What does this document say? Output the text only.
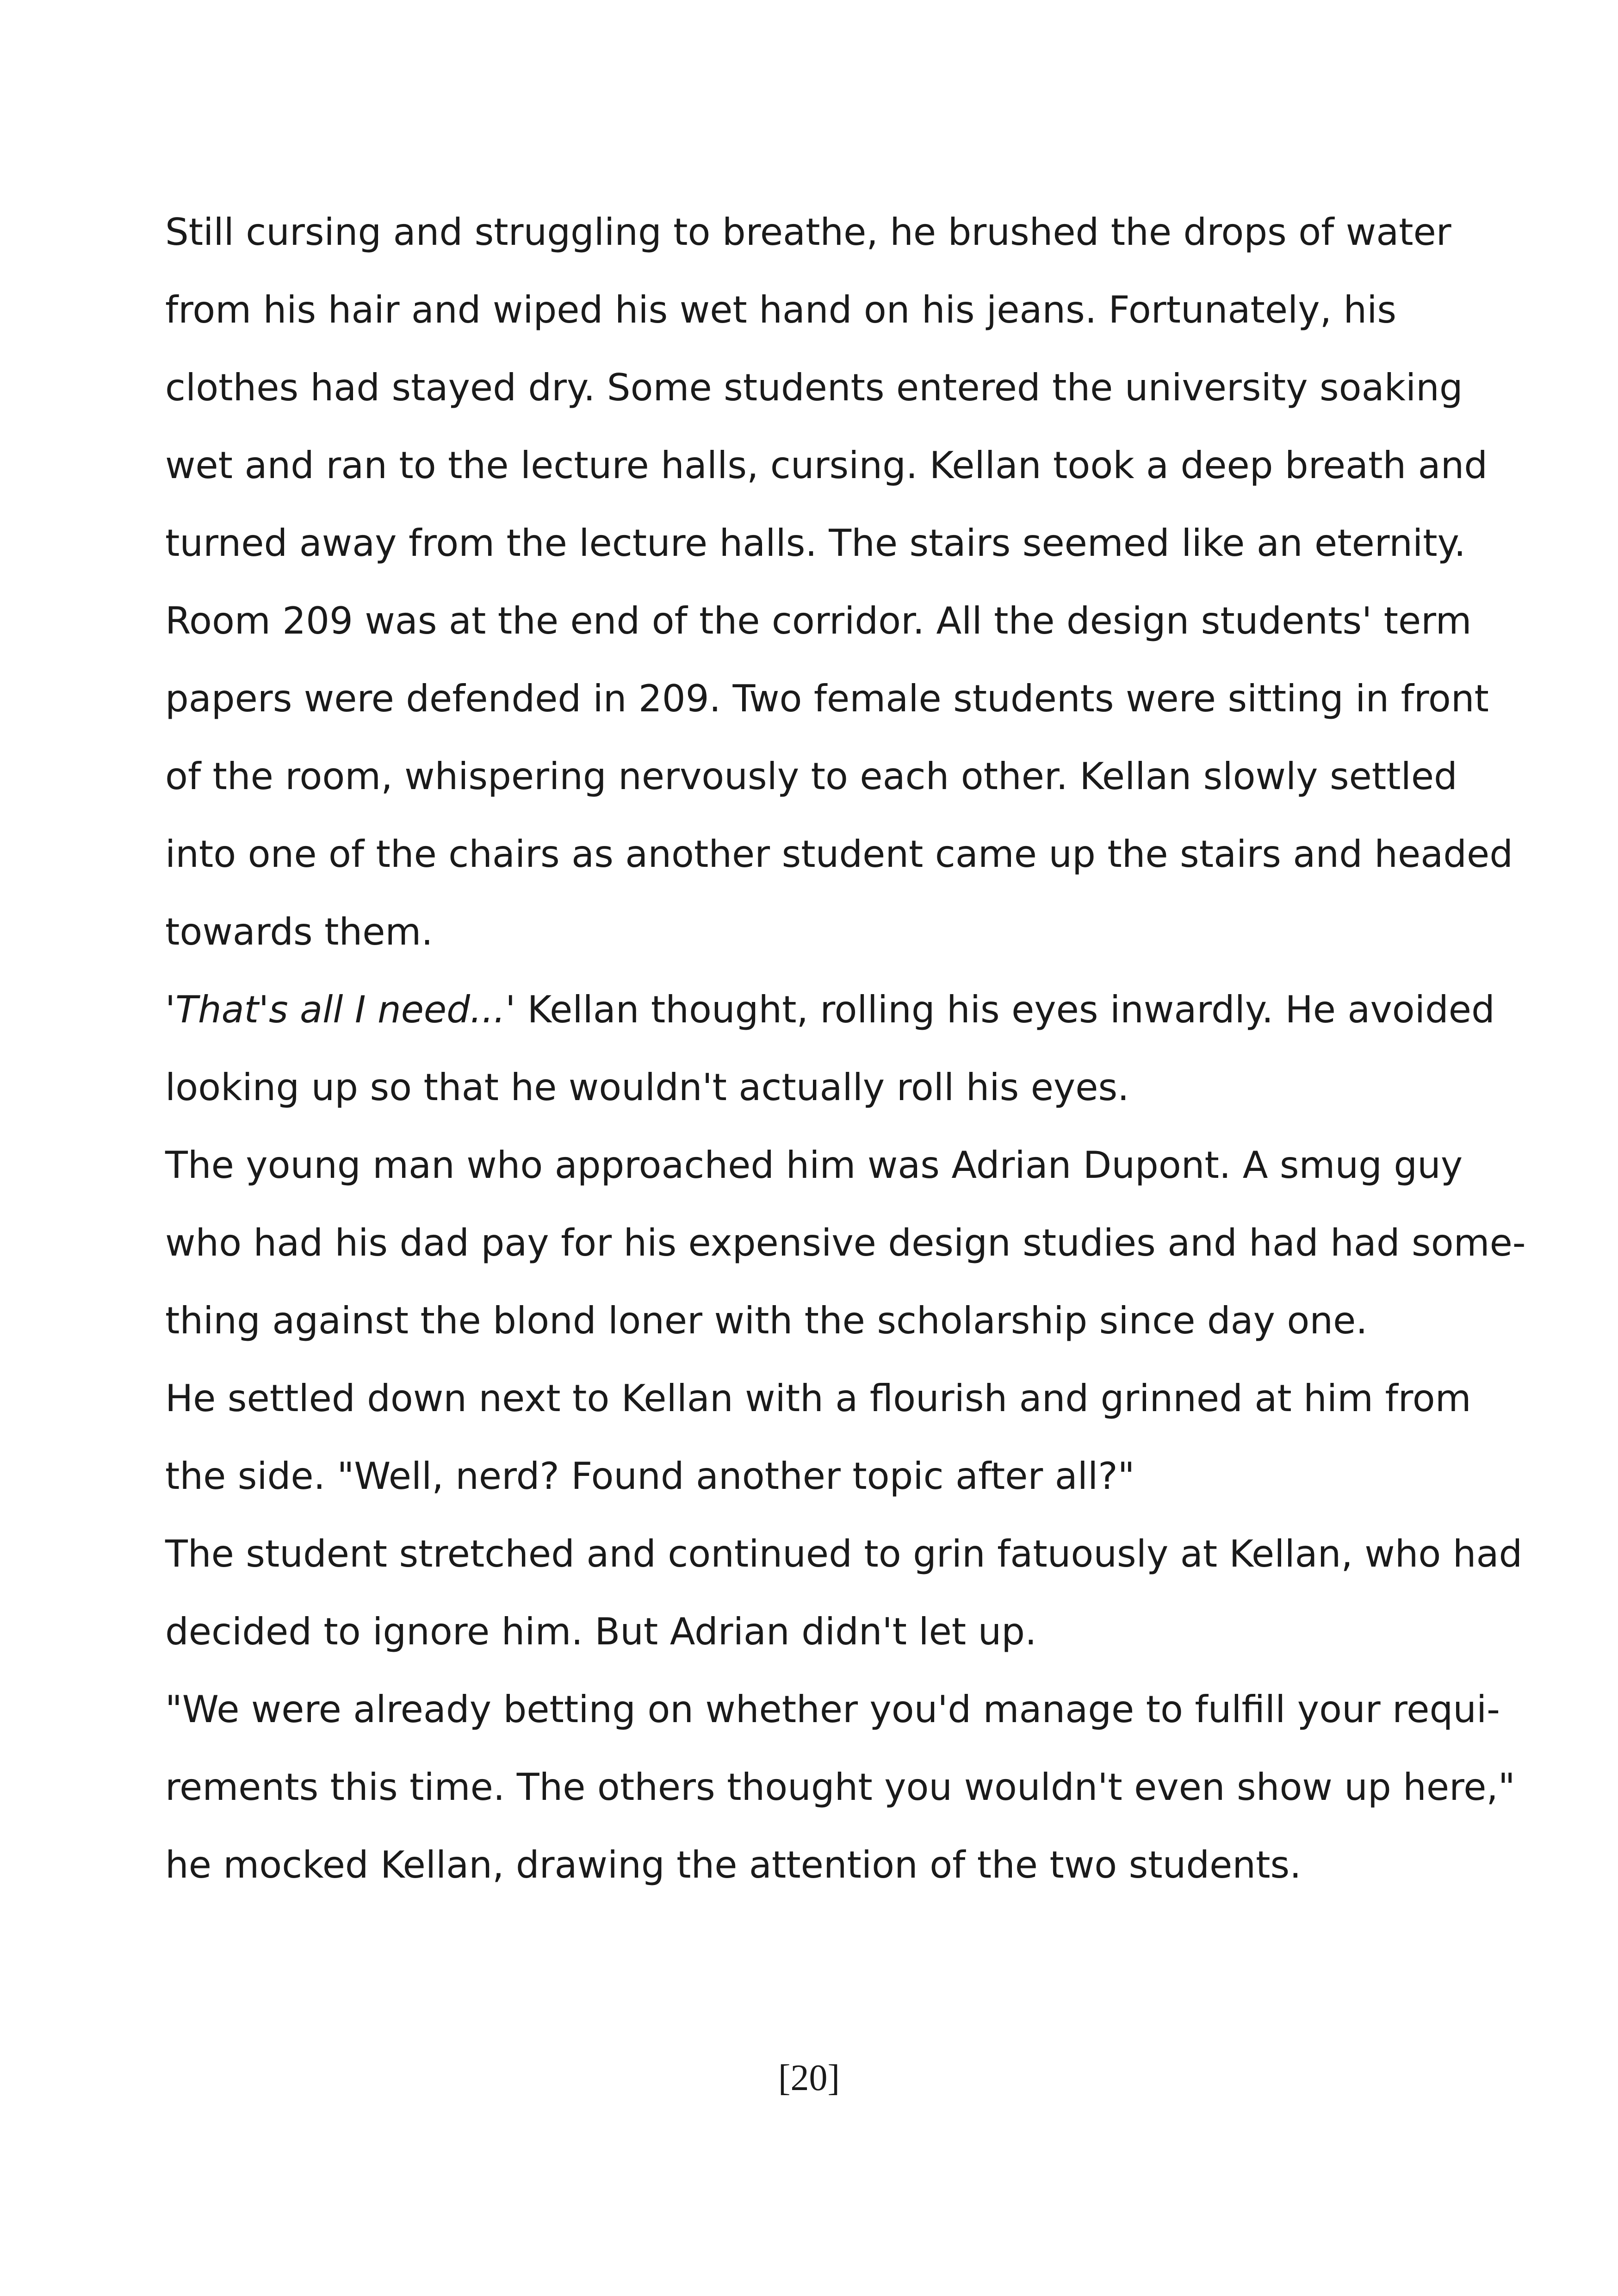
Still cursing and struggling to breathe, he brushed the drops of water
from his hair and wiped his wet hand on his jeans. Fortunately, his
clothes had stayed dry. Some students entered the university soaking
wet and ran to the lecture halls, cursing. Kellan took a deep breath and
turned away from the lecture halls. The stairs seemed like an eternity.
Room 209 was at the end of the corridor. All the design students' term
papers were defended in 209. Two female students were sitting in front
of the room, whispering nervously to each other. Kellan slowly settled
into one of the chairs as another student came up the stairs and headed
towards them.
'That's all I need...' Kellan thought, rolling his eyes inwardly. He avoided
looking up so that he wouldn't actually roll his eyes.
The young man who approached him was Adrian Dupont. A smug guy
who had his dad pay for his expensive design studies and had had some-
thing against the blond loner with the scholarship since day one.
He settled down next to Kellan with a flourish and grinned at him from
the side. "Well, nerd? Found another topic after all?"
The student stretched and continued to grin fatuously at Kellan, who had
decided to ignore him. But Adrian didn't let up.
"We were already betting on whether you'd manage to fulfill your requi-
rements this time. The others thought you wouldn't even show up here,"
he mocked Kellan, drawing the attention of the two students.
[20]
